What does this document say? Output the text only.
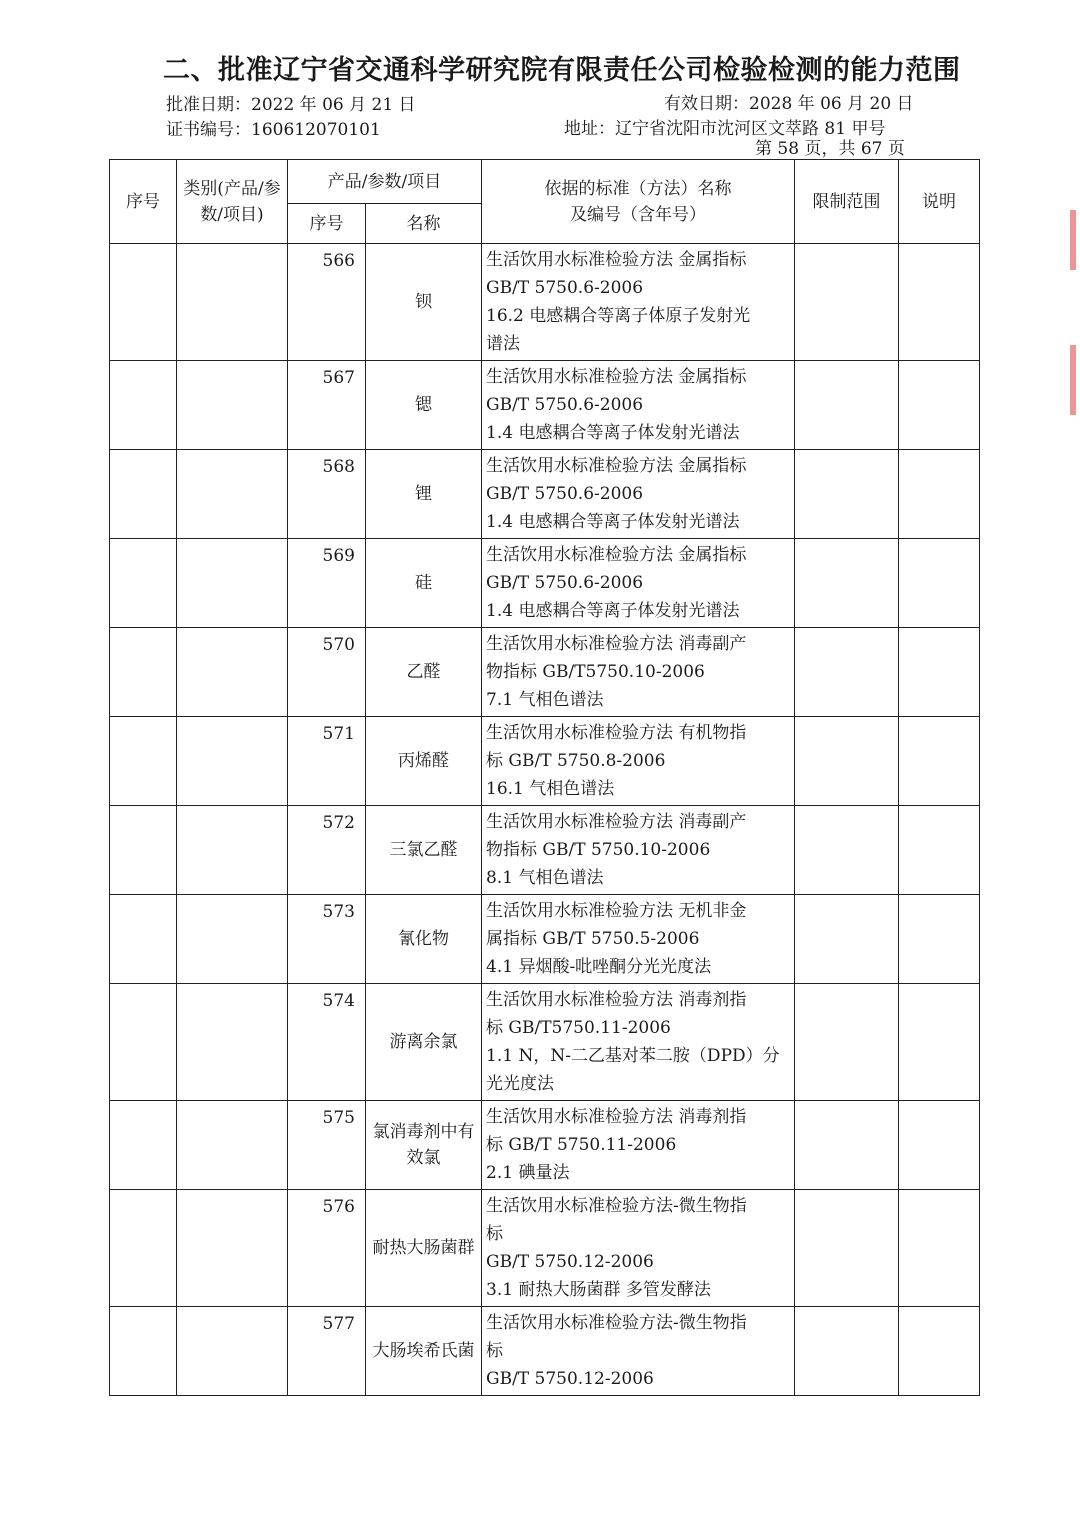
二、批准辽宁省交通科学研究院有限责任公司检验检测的能力范围
批准日期：2022 年 06 月 21 日	有效日期：2028 年 06 月 20 日
证书编号：160612070101	地址：辽宁省沈阳市沈河区文萃路 81 甲号
第 58 页，共 67 页
序号	类别(产品/参数/项目)	产品/参数/项目		依据的标准（方法）名称
及编号（含年号）	限制范围	说明
		序号	名称			
		566	钡	生活饮用水标准检验方法 金属指标
GB/T 5750.6-2006
16.2 电感耦合等离子体原子发射光
谱法		
		567	锶	生活饮用水标准检验方法 金属指标
GB/T 5750.6-2006
1.4 电感耦合等离子体发射光谱法		
		568	锂	生活饮用水标准检验方法 金属指标
GB/T 5750.6-2006
1.4 电感耦合等离子体发射光谱法		
		569	硅	生活饮用水标准检验方法 金属指标
GB/T 5750.6-2006
1.4 电感耦合等离子体发射光谱法		
		570	乙醛	生活饮用水标准检验方法 消毒副产
物指标 GB/T5750.10-2006
7.1 气相色谱法		
		571	丙烯醛	生活饮用水标准检验方法 有机物指
标 GB/T 5750.8-2006
16.1 气相色谱法		
		572	三氯乙醛	生活饮用水标准检验方法 消毒副产
物指标 GB/T 5750.10-2006
8.1 气相色谱法		
		573	氰化物	生活饮用水标准检验方法 无机非金
属指标 GB/T 5750.5-2006
4.1 异烟酸-吡唑酮分光光度法		
		574	游离余氯	生活饮用水标准检验方法 消毒剂指
标 GB/T5750.11-2006
1.1 N，N-二乙基对苯二胺（DPD）分
光光度法		
		575	氯消毒剂中有效氯	生活饮用水标准检验方法 消毒剂指
标 GB/T 5750.11-2006
2.1 碘量法		
		576	耐热大肠菌群	生活饮用水标准检验方法-微生物指
标
GB/T 5750.12-2006
3.1 耐热大肠菌群 多管发酵法		
		577	大肠埃希氏菌	生活饮用水标准检验方法-微生物指
标
GB/T 5750.12-2006		
